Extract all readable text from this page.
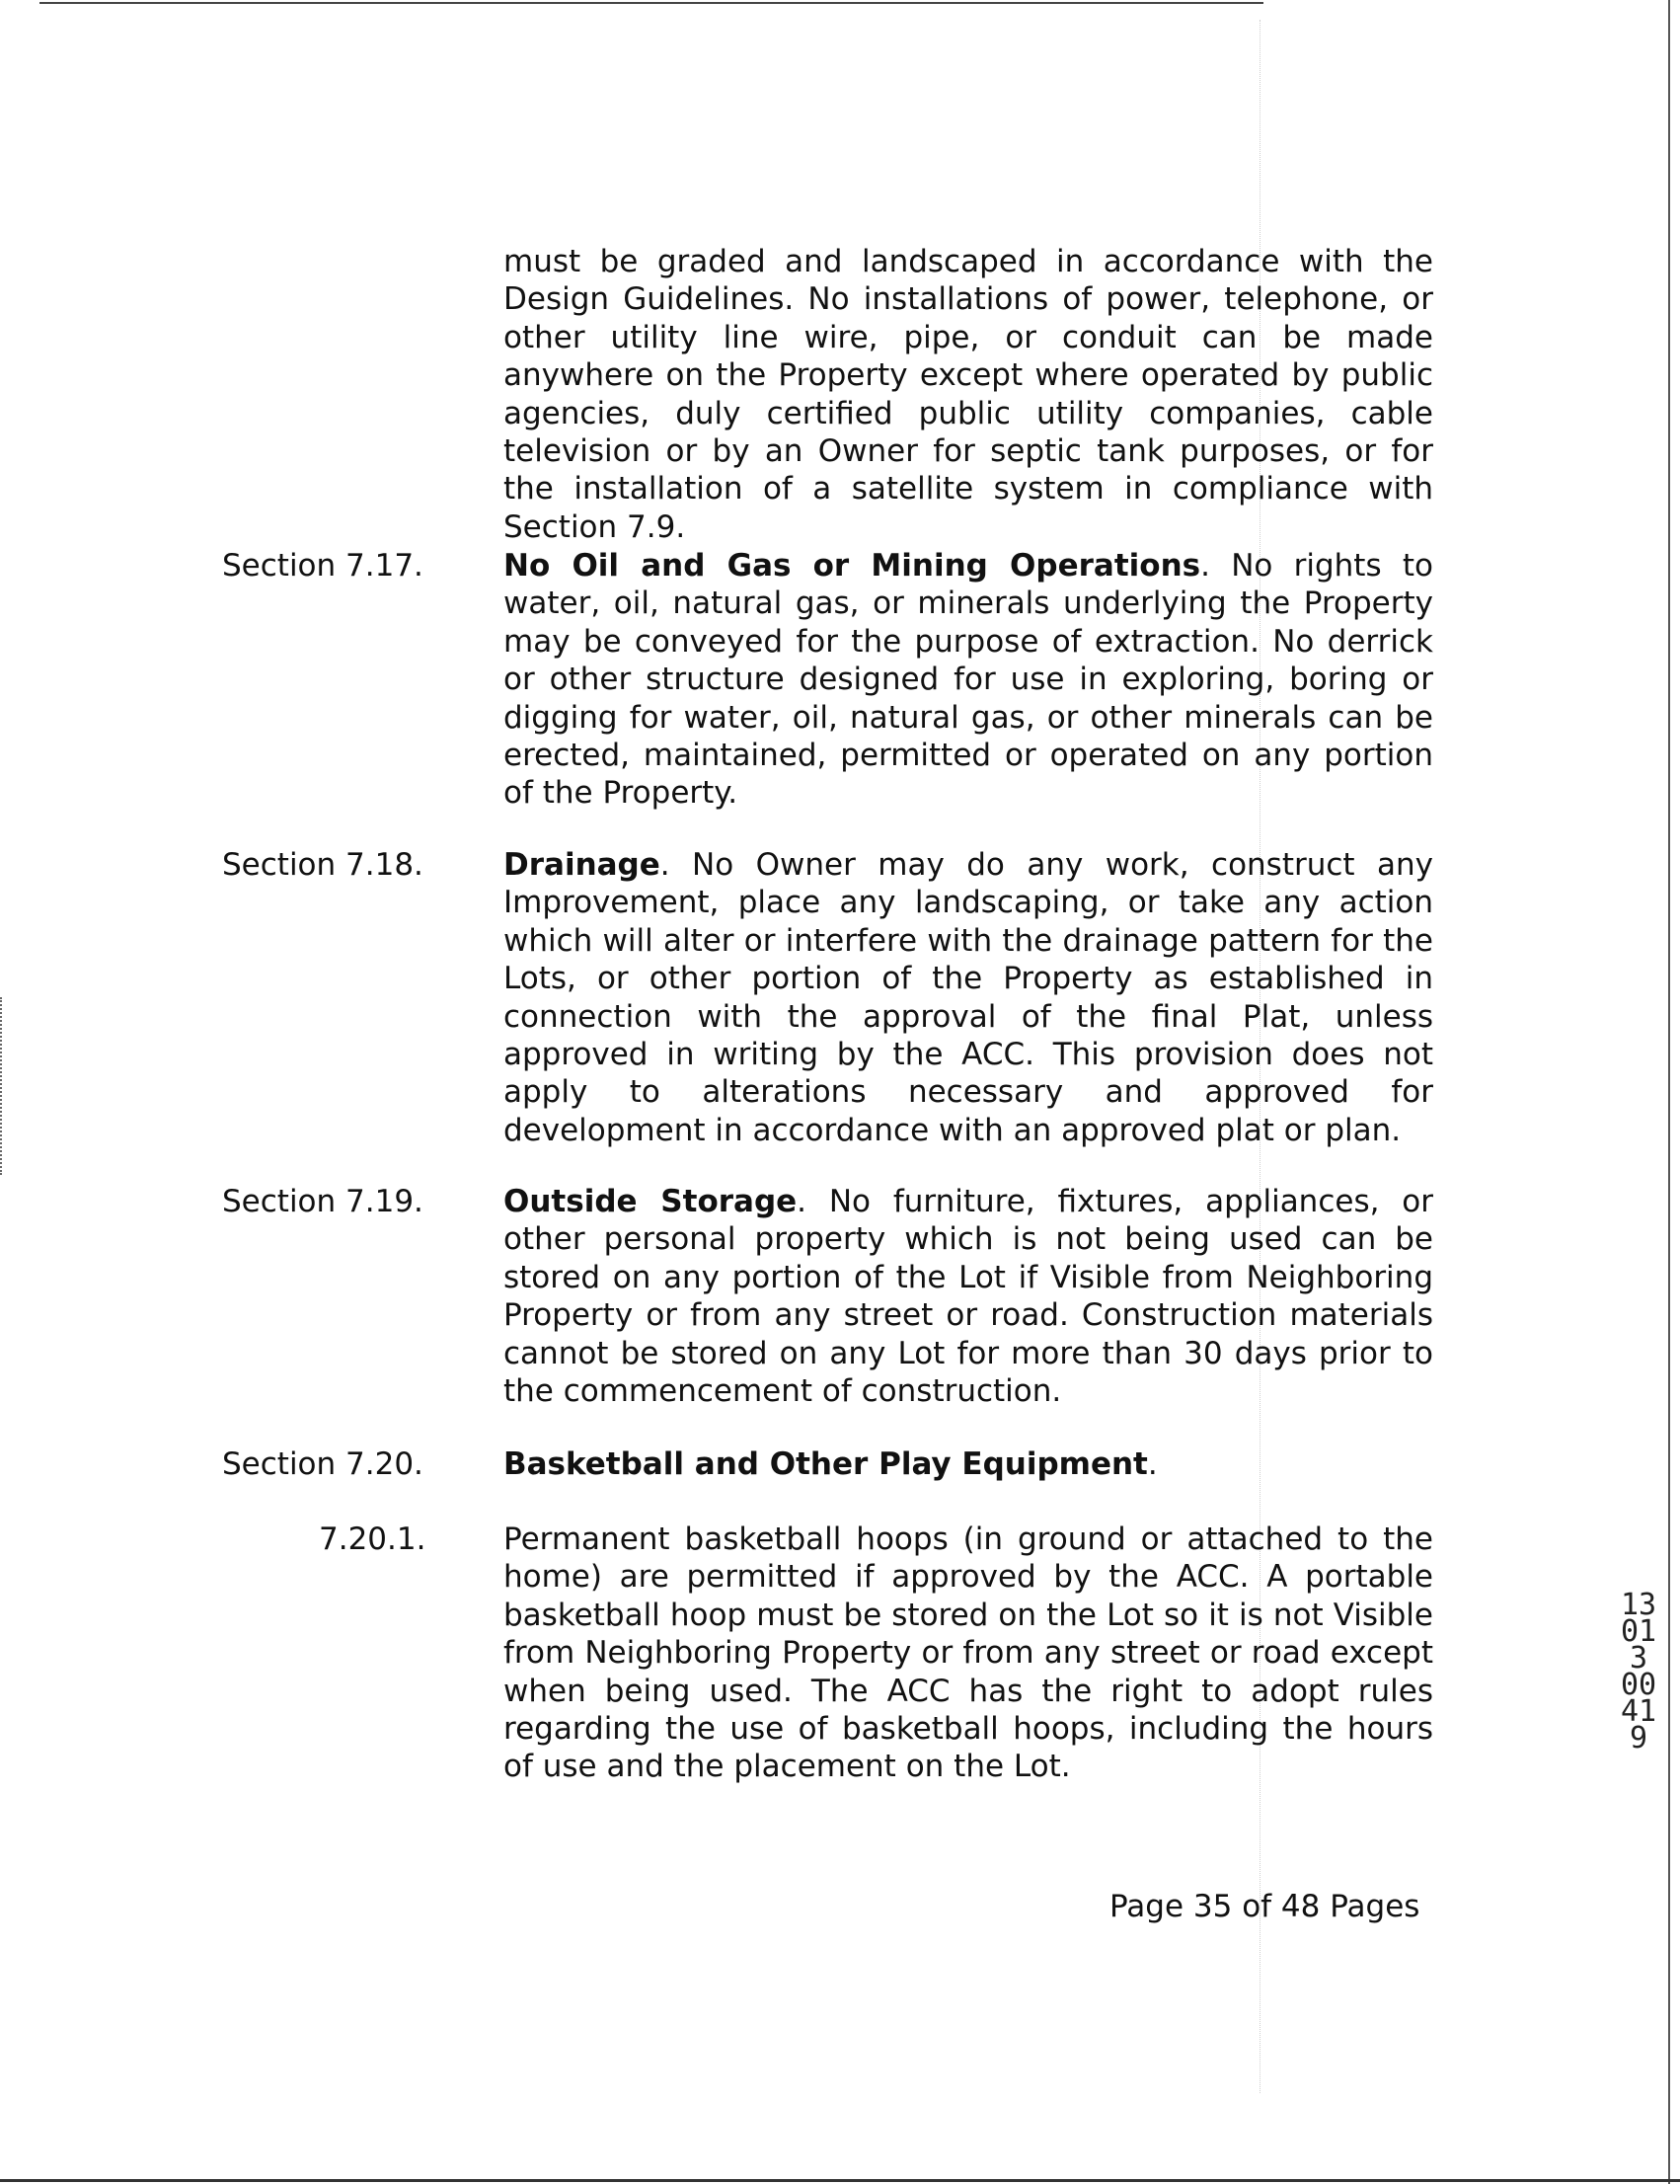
must be graded and landscaped in accordance with the Design Guidelines. No installations of power, telephone, or other utility line wire, pipe, or conduit can be made anywhere on the Property except where operated by public agencies, duly certified public utility companies, cable television or by an Owner for septic tank purposes, or for the installation of a satellite system in compliance with Section 7.9.

Section 7.17.	No Oil and Gas or Mining Operations. No rights to water, oil, natural gas, or minerals underlying the Property may be conveyed for the purpose of extraction. No derrick or other structure designed for use in exploring, boring or digging for water, oil, natural gas, or other minerals can be erected, maintained, permitted or operated on any portion of the Property.

Section 7.18.	Drainage. No Owner may do any work, construct any Improvement, place any landscaping, or take any action which will alter or interfere with the drainage pattern for the Lots, or other portion of the Property as established in connection with the approval of the final Plat, unless approved in writing by the ACC. This provision does not apply to alterations necessary and approved for development in accordance with an approved plat or plan.

Section 7.19.	Outside Storage. No furniture, fixtures, appliances, or other personal property which is not being used can be stored on any portion of the Lot if Visible from Neighboring Property or from any street or road. Construction materials cannot be stored on any Lot for more than 30 days prior to the commencement of construction.

Section 7.20.	Basketball and Other Play Equipment.

7.20.1.	Permanent basketball hoops (in ground or attached to the home) are permitted if approved by the ACC. A portable basketball hoop must be stored on the Lot so it is not Visible from Neighboring Property or from any street or road except when being used. The ACC has the right to adopt rules regarding the use of basketball hoops, including the hours of use and the placement on the Lot.

Page 35 of 48 Pages
13013 00419
